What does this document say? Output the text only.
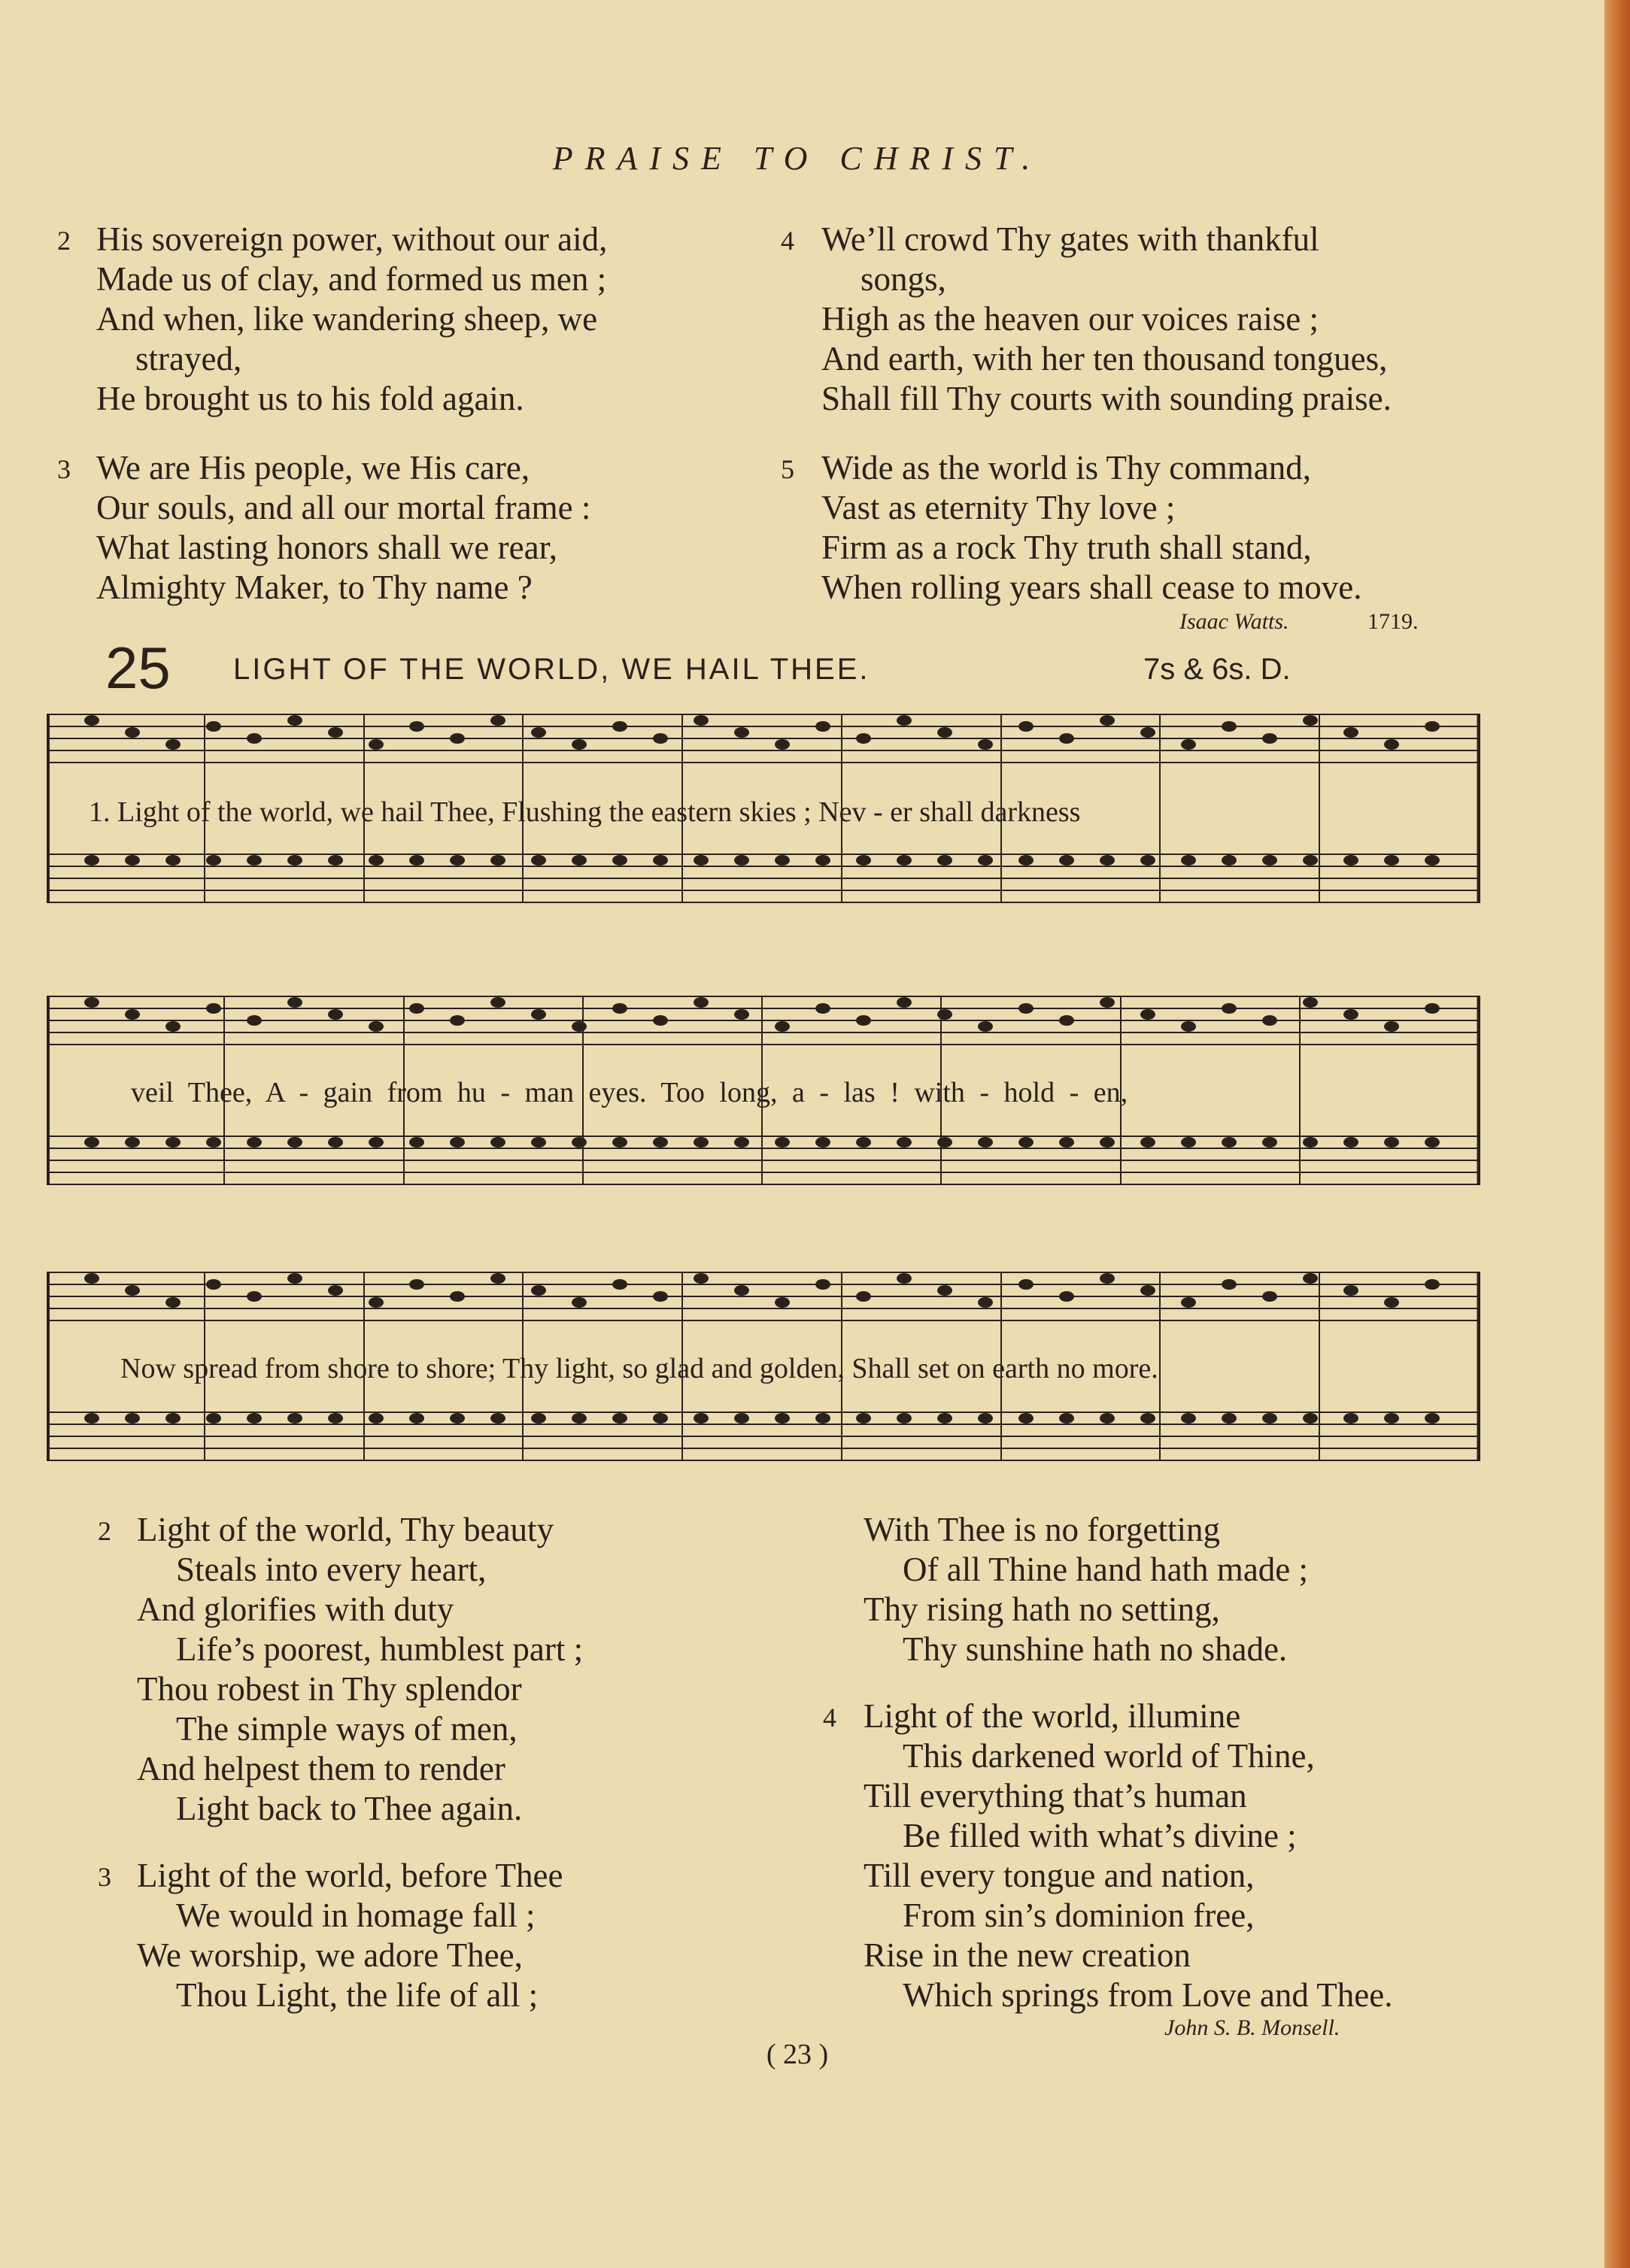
PRAISE TO CHRIST.
2 His sovereign power, without our aid,
Made us of clay, and formed us men ;
And when, like wandering sheep, we
strayed,
He brought us to his fold again.
3 We are His people, we His care,
Our souls, and all our mortal frame :
What lasting honors shall we rear,
Almighty Maker, to Thy name ?
4 We’ll crowd Thy gates with thankful
songs,
High as the heaven our voices raise ;
And earth, with her ten thousand tongues,
Shall fill Thy courts with sounding praise.
5 Wide as the world is Thy command,
Vast as eternity Thy love ;
Firm as a rock Thy truth shall stand,
When rolling years shall cease to move.
Isaac Watts.	1719.
25 LIGHT OF THE WORLD, WE HAIL THEE.	7s & 6s. D.
1. Light of the world, we hail Thee, Flushing the eastern skies ; Nev - er shall darkness
veil Thee, A - gain from hu - man eyes. Too long, a - las ! with - hold - en,
Now spread from shore to shore; Thy light, so glad and golden, Shall set on earth no more.
2 Light of the world, Thy beauty
Steals into every heart,
And glorifies with duty
Life’s poorest, humblest part ;
Thou robest in Thy splendor
The simple ways of men,
And helpest them to render
Light back to Thee again.
3 Light of the world, before Thee
We would in homage fall ;
We worship, we adore Thee,
Thou Light, the life of all ;
With Thee is no forgetting
Of all Thine hand hath made ;
Thy rising hath no setting,
Thy sunshine hath no shade.
4 Light of the world, illumine
This darkened world of Thine,
Till everything that’s human
Be filled with what’s divine ;
Till every tongue and nation,
From sin’s dominion free,
Rise in the new creation
Which springs from Love and Thee.
John S. B. Monsell.
( 23 )
